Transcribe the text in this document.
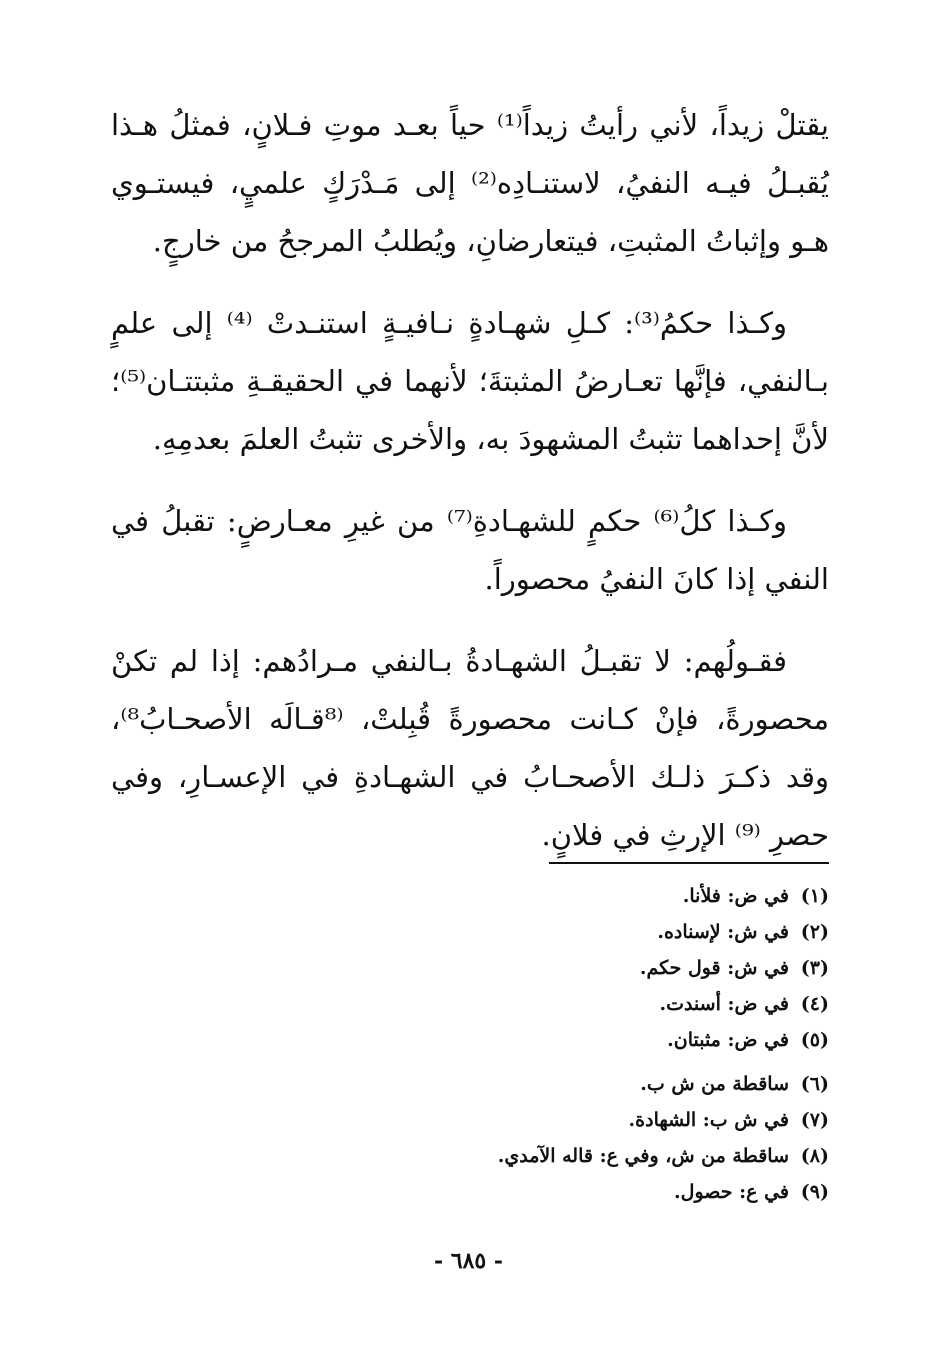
يقتلْ زيداً، لأني رأيتُ زيداً⁽¹⁾ حياً بعـد موتِ فـلانٍ، فمثلُ هـذا يُقبـلُ فيـه النفيُ، لاستنـادِه⁽²⁾ إلى مَـدْرَكٍ علميٍ، فيستـوي هـو وإثباتُ المثبتِ، فيتعارضانِ، ويُطلبُ المرجحُ من خارجٍ.

وكـذا حكمُ⁽³⁾: كـلِ شهـادةٍ نـافيـةٍ استنـدتْ ⁽⁴⁾ إلى علمٍ بـالنفي، فإنَّها تعـارضُ المثبتةَ؛ لأنهما في الحقيقـةِ مثبتتـان⁽⁵⁾؛ لأنَّ إحداهما تثبتُ المشهودَ به، والأخرى تثبتُ العلمَ بعدمِهِ.

وكـذا كلُ⁽⁶⁾ حكمٍ للشهـادةِ⁽⁷⁾ من غيرِ معـارضٍ: تقبلُ في النفي إذا كانَ النفيُ محصوراً.

فقـولُهم: لا تقبـلُ الشهـادةُ بـالنفي مـرادُهم: إذا لم تكنْ محصورةً، فإنْ كـانت محصورةً قُبِلتْ، ⁽⁸قـالَه الأصحـابُ⁸⁾، وقد ذكـرَ ذلـك الأصحـابُ في الشهـادةِ في الإعسـارِ، وفي حصرِ ⁽⁹⁾ الإرثِ في فلانٍ.

(١)
في ض: فلأنا.
(٢)
في ش: لإسناده.
(٣)
في ش: قول حكم.
(٤)
في ض: أسندت.
(٥)
في ض: مثبتان.
(٦)
ساقطة من ش ب.
(٧)
في ش ب: الشهادة.
(٨)
ساقطة من ش، وفي ع: قاله الآمدي.
(٩)
في ع: حصول.
- ٦٨٥ -
